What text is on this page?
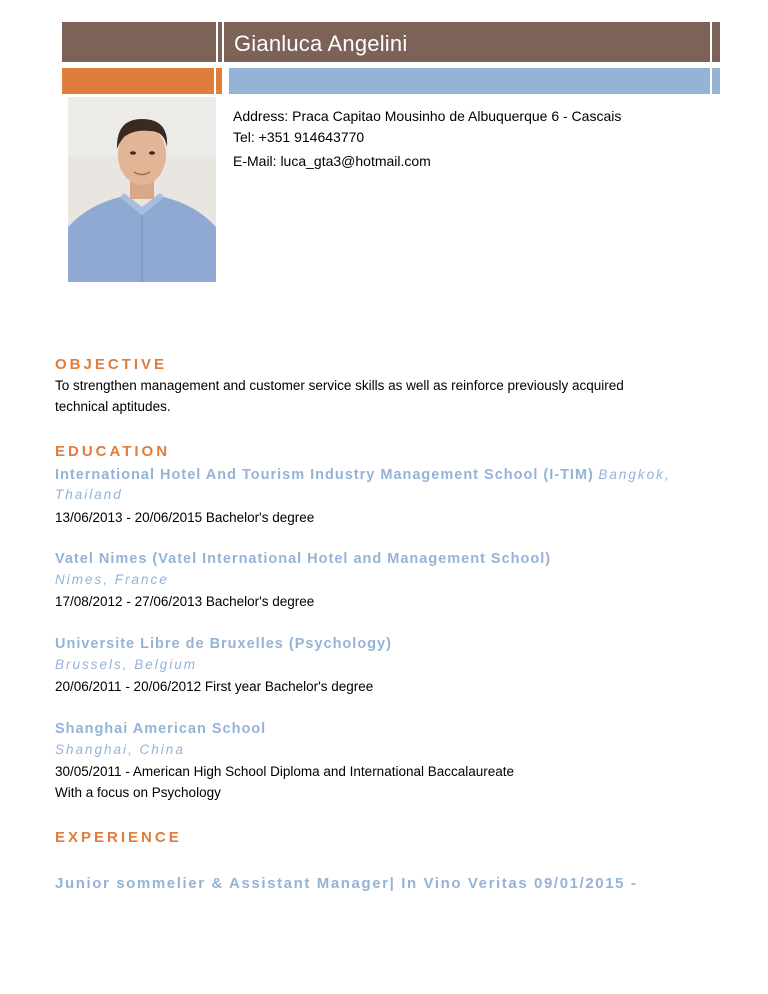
Gianluca Angelini
Address: Praca Capitao Mousinho de Albuquerque 6 - Cascais
Tel: +351 914643770
E-Mail: luca_gta3@hotmail.com
OBJECTIVE
To strengthen management and customer service skills as well as reinforce previously acquired
technical aptitudes.
EDUCATION
International Hotel And Tourism Industry Management School (I-TIM) Bangkok,
Thailand
13/06/2013 - 20/06/2015 Bachelor's degree
Vatel Nimes (Vatel International Hotel and Management School)
Nimes, France
17/08/2012 - 27/06/2013 Bachelor's degree
Universite Libre de Bruxelles (Psychology)
Brussels, Belgium
20/06/2011 - 20/06/2012 First year Bachelor's degree
Shanghai American School
Shanghai, China
30/05/2011 - American High School Diploma and International Baccalaureate
With a focus on Psychology
EXPERIENCE
Junior sommelier & Assistant Manager| In Vino Veritas 09/01/2015 -
